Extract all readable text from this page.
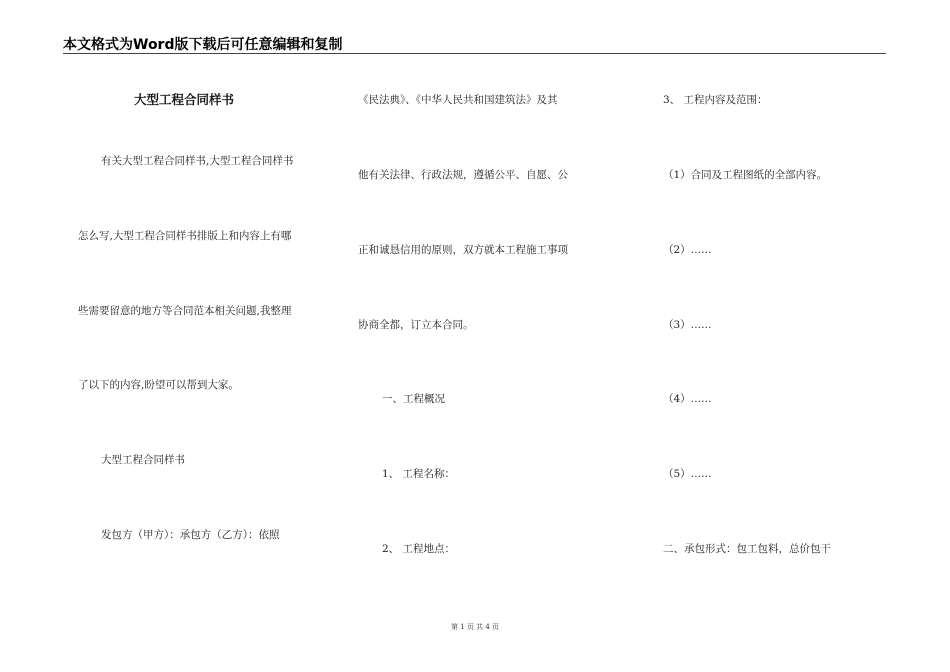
本文格式为Word版下载后可任意编辑和复制
大型工程合同样书
有关大型工程合同样书,大型工程合同样书
怎么写,大型工程合同样书排版上和内容上有哪
些需要留意的地方等合同范本相关问题,我整理
了以下的内容,盼望可以帮到大家。
大型工程合同样书
发包方（甲方）：承包方（乙方）：依照
《民法典》、《中华人民共和国建筑法》及其
他有关法律、行政法规，遵循公平、自愿、公
正和诚恳信用的原则，双方就本工程施工事项
协商全都，订立本合同。
一、工程概况
1、 工程名称：
2、 工程地点：
3、 工程内容及范围：
（1）合同及工程图纸的全部内容。
（2）……
（3）……
（4）……
（5）……
二、承包形式：包工包料，总价包干
第 1 页 共 4 页
